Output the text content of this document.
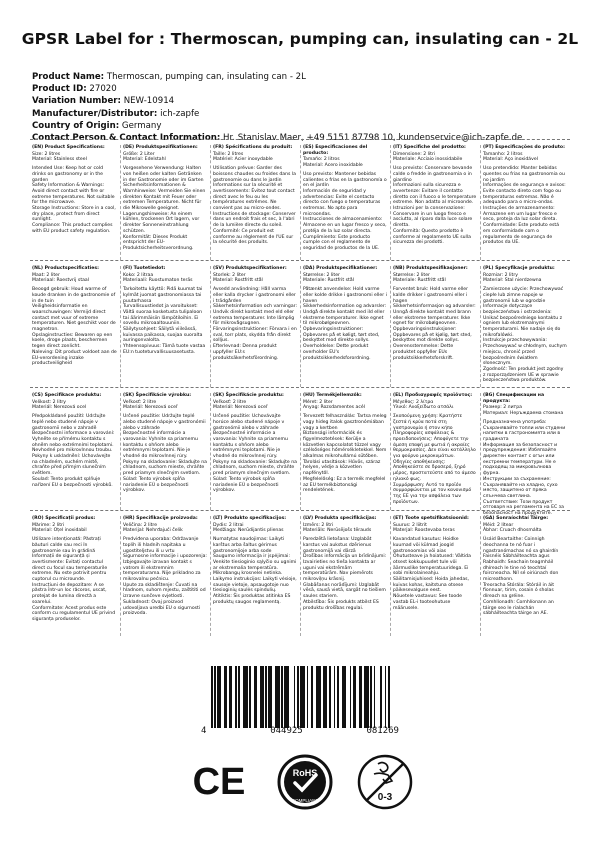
GPSR Label for : Thermoscan, pumping can, insulating can - 2L
Product Name: Thermoscan, pumping can, insulating can - 2L
Product ID: 27020
Variation Number: NEW-10914
Manufacturer/Distributor: ich-zapfe
Country of Origin: Germany
Contact Person & Contact Information: Hr. Stanislav Maer, +49 5151 87798 10, kundenservice@ich-zapfe.de
(EN) Product Specifications:
Size: 2 litres
Material: Stainless steel
Intended Use: Keep hot or cold drinks on gastronomy or in the garden
Safety Information & Warnings: Avoid direct contact with fire or extreme temperatures. Not suitable for the microwave.
Storage Instructions: Store in a cool, dry place, protect from direct sunlight.
Compliance: This product complies with EU product safety regulation.
(DE) Produktspezifikationen:
Größe: 2 Liter
Material: Edelstahl
Vorgesehene Verwendung: Halten von heißen oder kalten Getränken in der Gastronomie oder im Garten
Sicherheitsinformationen & Warnhinweise: Vermeiden Sie einen direkten Kontakt mit Feuer oder extremen Temperaturen. Nicht für die Mikrowelle geeignet.
Lagerungshinweise: An einem kühlen, trockenen Ort lagern, vor direkter Sonneneinstrahlung schützen.
Konformität: Dieses Produkt entspricht der EU-Produktsicherheitsverordnung.
(FR) Spécifications du produit:
Taille: 2 litres
Matériel: Acier inoxydable
Utilisation prévue: Garder des boissons chaudes ou froides dans la gastronomie ou dans le jardin
Informations sur la sécurité et avertissements: Évitez tout contact direct avec le feu ou les températures extrêmes. Ne convient pas au micro-ondes.
Instructions de stockage: Conserver dans un endroit frais et sec, à l'abri de la lumière directe du soleil.
Conformité: Ce produit est conforme au règlement de l'UE sur la sécurité des produits.
(ES) Especificaciones del producto:
Tamaño: 2 litros
Material: Acero inoxidable
Uso previsto: Mantener bebidas calientes o frías en la gastronomía o en el jardín
Información de seguridad y advertencias: Evite el contacto directo con fuego o temperaturas extremas. No apto para microondas.
Instrucciones de almacenamiento: Almacene en un lugar fresco y seco, protéja de la luz solar directa.
Cumplimiento: Este producto cumple con el reglamento de seguridad de productos de la UE.
(IT) Specifiche del prodotto:
Dimensione: 2 litri
Materiale: Acciaio inossidabile
Uso previsto: Conservare bevande calde o fredde in gastronomia o in giardino
Informazioni sulla sicurezza e avvertenze: Evitare il contatto diretto con il fuoco o le temperature estreme. Non adatto al microonde.
Istruzioni per la conservazione: Conservare in un luogo fresco e asciutto, al riparo dalla luce solare diretta.
Conformità: Questo prodotto è conforme al regolamento UE sulla sicurezza dei prodotti.
(PT) Especificações do produto:
Tamanho: 2 litros
Material: Aço inoxidável
Uso pretendido: Manter bebidas quentes ou frias na gastronomia ou no jardim
Informações de segurança e avisos: Evite contacto direto com fogo ou temperaturas extremas. Não é adequado para o micro-ondas.
Instruções de armazenamento: Armazene em um lugar fresco e seco, proteja da luz solar direta.
Conformidade: Este produto está em conformidade com o regulamento de segurança de produtos da UE.
(NL) Productspecificaties:
Maat: 2 liter
Materiaal: Roestvrij staal
Beoogd gebruik: Houd warme of koude dranken in de gastronomie of in de tuin
Veiligheidsinformatie en waarschuwingen: Vermijd direct contact met vuur of extreme temperaturen. Niet geschikt voor de magnetron.
Opslaginstructies: Bewaren op een koele, droge plaats, beschermen tegen direct zonlicht.
Naleving: Dit product voldoet aan de EU-verordening inzake productveiligheid
(FI) Tuotetiedot:
Koko: 2 litraa
Materiaali: Ruostumaton teräs
Tarkoitettu käyttö: Pidä kuumat tai kylmät juomat gastronomiassa tai puutarhassa
Turvallisuustiedot ja varoitukset: Vältä suoraa kosketusta tulipaloon tai äärimmäisiin lämpötiloihin. Ei sovellu mikroaaltouuniin.
Säilytysohjeet: Säilytä viileässä, kuivassa paikassa, suojaa suoralta auringonvalolta.
Yhteensopivuus: Tämä tuote vastaa EU:n tuoteturvallisuusasetusta.
(SV) Produktspecifikationer:
Storlek: 2 liter
Material: Rostfritt stål
Avsedd användning: Håll varma eller kalla drycker i gastronomi eller i trädgården
Säkerhetsinformation och varningar: Undvik direkt kontakt med eld eller extrema temperaturer. Inte lämplig för mikrovågsugnen.
Förvaringsinstruktioner: Förvara i en sval, torr plats, skydda från direkt solljus.
Efterlevnad: Denna produkt uppfyller EU:s produktsäkerhetsförordning.
(DA) Produktspecifikationer:
Størrelse: 2 liter
Materiale: Rustfrit stål
Påtænkt anvendelse: Hold varme eller kolde drikke i gastronomi eller i haven
Sikkerhedsinformation og advarsler: Undgå direkte kontakt med ild eller ekstreme temperaturer. Ikke egnet til mikrobølgeovnen.
Opbevaringsinstruktioner: Opbevares på et køligt, tørt sted, beskyttet mod direkte sollys.
Overholdelse: Dette produkt overholder EU's produktsikkerhedsforordning.
(NB) Produktspesifikasjoner:
Størrelse: 2 liter
Materiale: Rustfritt stål
Forventet bruk: Hold varme eller kalde drikker i gastronomi eller i hagen
Sikkerhetsinformasjon og advarsler: Unngå direkte kontakt med brann eller ekstreme temperaturer. Ikke egnet for mikrobølgeovnen.
Oppbevaringsinstruksjoner: Oppbevares på et kjølig, tørt sted, beskyttes mot direkte sollys.
Overensstemmelse: Dette produktet oppfyller EUs produktsikkerhetsforskrift.
(PL) Specyfikacje produktu:
Rozmiar: 2 litry
Materiał: Stal nierdzewna
Zamierzone użycie: Przechowywać ciepłe lub zimne napoje w gastronomii lub w ogrodzie
Informacje dotyczące bezpieczeństwa i ostrzeżenia: Unikać bezpośredniego kontaktu z ogniem lub ekstremalnymi temperaturami. Nie nadaje się do mikrofalówki.
Instrukcje przechowywania: Przechowywać w chłodnym, suchym miejscu, chronić przed bezpośrednim światłem słonecznym.
Zgodność: Ten produkt jest zgodny z rozporządzeniem UE w sprawie bezpieczeństwa produktów.
(CS) Specifikace produktu:
Velikost: 2 litry
Materiál: Nerezová ocel
Předpokládané použití: Udržujte teplé nebo studené nápoje v gastronomii nebo v zahradě
Bezpečnostní informace a varování: Vyhněte se přímému kontaktu s ohněm nebo extrémními teplotami. Nevhodné pro mikrovlnnou troubu.
Pokyny k uskladnění: Uchovávejte na chladném, suchém místě, chraňte před přímým slunečním světlem.
Soulad: Tento produkt splňuje nařízení EU o bezpečnosti výrobků.
(SK) Špecifikácie výrobku:
Veľkosť: 2 litre
Materiál: Nerezová oceľ
Určené použitie: Udržujte teplé alebo studené nápoje v gastronómii alebo v záhrade
Bezpečnostné informácie a varovania: Vyhnite sa priamemu kontaktu s ohňom alebo extrémnymi teplotami. Nie je vhodné do mikrovlnnej rúry.
Pokyny na skladovanie: Skladujte na chladnom, suchom mieste, chráňte pred priamym slnečným svetlom.
Súlad: Tento výrobok spĺňa nariadenie EÚ o bezpečnosti výrobkov.
(SK) Špecifikácie produktu:
Veľkosť: 2 litre
Materiál: Nerezová oceľ
Určené použitie: Uchovávajte horúce alebo studené nápoje v gastronómii alebo v záhrade
Bezpečnostné informácie a varovania: Vyhnite sa priamemu kontaktu s ohňom alebo extrémnymi teplotami. Nie je vhodné do mikrovlnnej rúry.
Pokyny na skladovanie: Skladujte na chladnom, suchom mieste, chráňte pred priamym slnečným svetlom.
Súlad: Tento výrobok spĺňa nariadenie EÚ o bezpečnosti výrobkov.
(HU) Termékjellemzők:
Méret: 2 liter
Anyag: Rozsdamentes acél
Tervezett felhasználás: Tartsa meleg vagy hideg italok gasztronómiában vagy a kertben
Biztonsági információk és figyelmeztetések: Kerülje a közvetlen kapcsolatot tűzzel vagy szélsőséges hőmérsékletekkel. Nem alkalmas mikrohullámú sütőben.
Tárolási utasítások: Hűvös, száraz helyen, védje a közvetlen napfénytől.
Megfelelőség: Ez a termék megfelel az EU termékbiztonsági rendeletének.
(EL) Προδιαγραφές προϊόντος:
Μέγεθος: 2 λίτρα
Υλικό: Ανοξείδωτο ατσάλι
Σκοπούμενη χρήση: Κρατήστε ζεστά ή κρύα ποτά στη γαστρονομία ή στον κήπο
Πληροφορίες ασφάλειας & προειδοποιήσεις: Αποφύγετε την άμεση επαφή με φωτιά ή ακραίες θερμοκρασίες. Δεν είναι κατάλληλο για φούρνο μικροκυμάτων.
Οδηγίες αποθήκευσης: Αποθηκεύστε σε δροσερό, ξηρό μέρος, προστατεύστε από το άμεσο ηλιακό φως.
Συμμόρφωση: Αυτό το προϊόν συμμορφώνεται με τον κανονισμό της ΕΕ για την ασφάλεια των προϊόντων.
(BG) Спецификации на продукта:
Размер: 2 литра
Материал: Неръждаема стомана
Предназначена употреба: Съхранявайте топли или студени напитки в гастрономията или в градината
Информация за безопасност и предупреждения: Избягвайте директен контакт с огън или екстремни температури. Не е подходящ за микровълнова фурна.
Инструкции за съхранение: Съхранявайте на хладно, сухо място, защитено от пряка слънчева светлина.
Съответствие: Този продукт отговаря на регламента на ЕС за безопасност на продуктите.
(RO) Specificații produs:
Mărime: 2 litri
Material: Oțel inoxidabil
Utilizare intenționată: Păstrați băuturi calde sau reci în gastronomie sau în grădină
Informații de siguranță și avertismente: Evitați contactul direct cu focul sau temperaturile extreme. Nu este potrivit pentru cuptorul cu microunde.
Instrucțiuni de depozitare: A se păstra într-un loc răcoros, uscat, protejat de lumina directă a soarelui.
Conformitate: Acest produs este conform cu regulamentul UE privind siguranța produselor.
(HR) Specifikacije proizvoda:
Veličina: 2 litre
Materijal: Nehrđajući čelik
Predviđena uporaba: Održavanje toplih ili hladnih napitaka u ugostiteljstvu ili u vrtu
Sigurnosne informacije i upozorenja: Izbjegavajte izravan kontakt s vatrom ili ekstremnim temperaturama. Nije prikladno za mikrovalnu pećnicu.
Upute za skladištenje: Čuvati na hladnom, suhom mjestu, zaštititi od izravne sunčeve svjetlosti.
Sukladnost: Ovaj proizvod udovoljava uredbi EU o sigurnosti proizvoda.
(LT) Produkto specifikacijos:
Dydis: 2 litrai
Medžiaga: Nerūdijantis plienas
Numatytas naudojimas: Laikyti karštus arba šaltus gėrimus gastronomijoje arba sode
Saugumo informacija ir įspėjimai: Venkite tiesioginio sąlyčio su ugnimi ar ekstremalia temperatūra. Mikrobangų krosnelei netinka.
Laikymo instrukcijos: Laikyti vėsioje, sausoje vietoje, apsaugotoje nuo tiesioginių saulės spindulių.
Atitiktis: Šis produktas atitinka ES produktų saugos reglamentą.
(LV) Produkta specifikācijas:
Izmērs: 2 litri
Materiāls: Nerūsējošs tērauds
Paredzētā lietošana: Uzglabāt karstus vai aukstus dzērienus gastronomijā vai dārzā
Drošības informācija un brīdinājumi: Izvairieties no tieša kontakta ar uguni vai ekstrēmām temperatūrām. Nav piemērots mikroviļņu krāsnij.
Glabāšanas norādījumi: Uzglabāt vēsā, sausā vietā, sargāt no tiešiem saules stariem.
Atbilstība: Šis produkts atbilst ES produktu drošības regulai.
(ET) Toote spetsifikatsioonid:
Suurus: 2 liitrit
Materjal: Roostevaba teras
Kavandatud kasutus: Hoidke kuumad või külmad joogid gastronoomias või aias
Ohutusteave ja hoiatused: Vältida otsest kokkupuudet tule või äärmuslike temperatuuridega. Ei sobi mikrolaineahju.
Säilitamisjuhised: Hoida jahedas, kuivas kohas, kaitstuna otsese päikesevalguse eest.
Nõuetele vastavus: See toode vastab EL-i tooteohutuse määrusele.
(GA) Sonraíochtaí Táirge:
Méid: 2 lítear
Ábhar: Cruach dhosmálta
Úsáid Beartaithe: Coinnigh deochanna te nó fuar i ngastranómachas nó sa ghairdín
Faisnéis Sábháilteachta agus Rabhaidh: Seachain teagmháil dhíreach le tine nó teochtaí foircneacha. Níl sé oiriúnach don micreathonn.
Treoracha Stórála: Stóráil in áit fionnuar, tirim, cosain ó sholas díreach na gréine.
Comhlíonadh: Comhlíonann an táirge seo le rialachán sábháilteachta táirge an AE.
4	044925	081269
CE	RoHS
COMPLIANT	0-3
